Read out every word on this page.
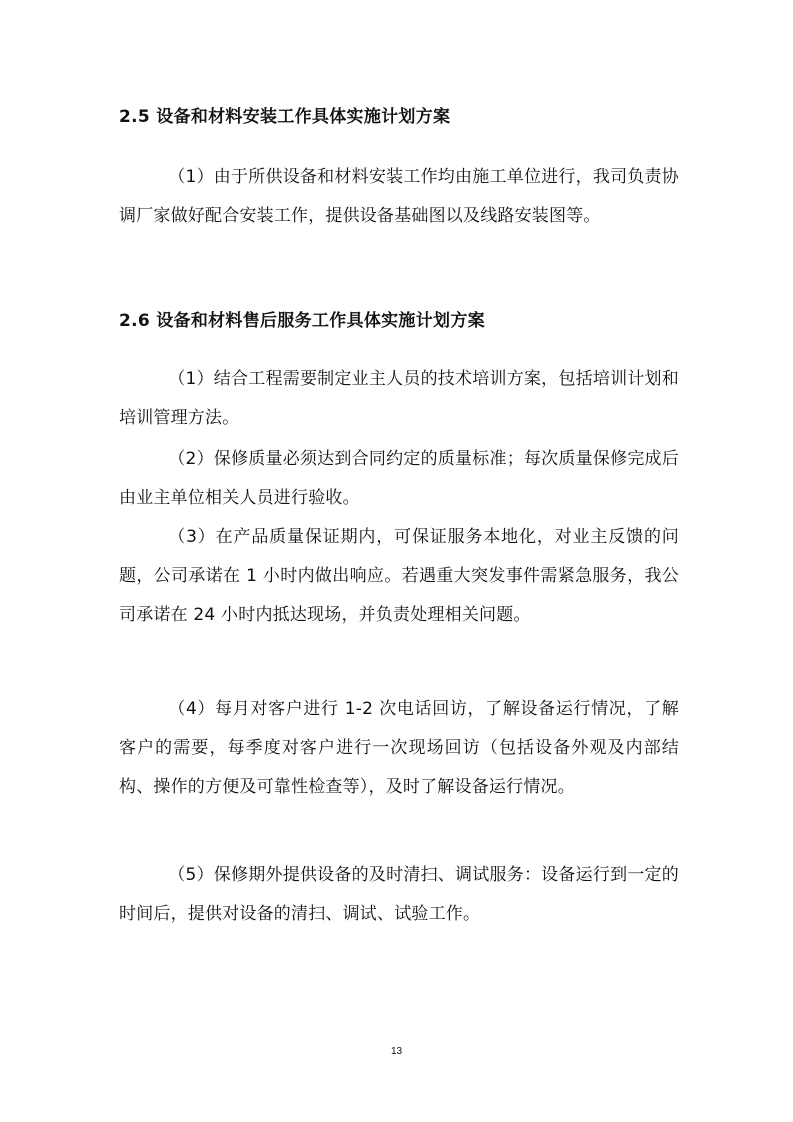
2.5 设备和材料安装工作具体实施计划方案
（1）由于所供设备和材料安装工作均由施工单位进行，我司负责协调厂家做好配合安装工作，提供设备基础图以及线路安装图等。
2.6 设备和材料售后服务工作具体实施计划方案
（1）结合工程需要制定业主人员的技术培训方案，包括培训计划和培训管理方法。
（2）保修质量必须达到合同约定的质量标准；每次质量保修完成后由业主单位相关人员进行验收。
（3）在产品质量保证期内，可保证服务本地化，对业主反馈的问题，公司承诺在 1 小时内做出响应。若遇重大突发事件需紧急服务，我公司承诺在 24 小时内抵达现场，并负责处理相关问题。
（4）每月对客户进行 1-2 次电话回访，了解设备运行情况，了解客户的需要，每季度对客户进行一次现场回访（包括设备外观及内部结构、操作的方便及可靠性检查等），及时了解设备运行情况。
（5）保修期外提供设备的及时清扫、调试服务：设备运行到一定的时间后，提供对设备的清扫、调试、试验工作。
13
